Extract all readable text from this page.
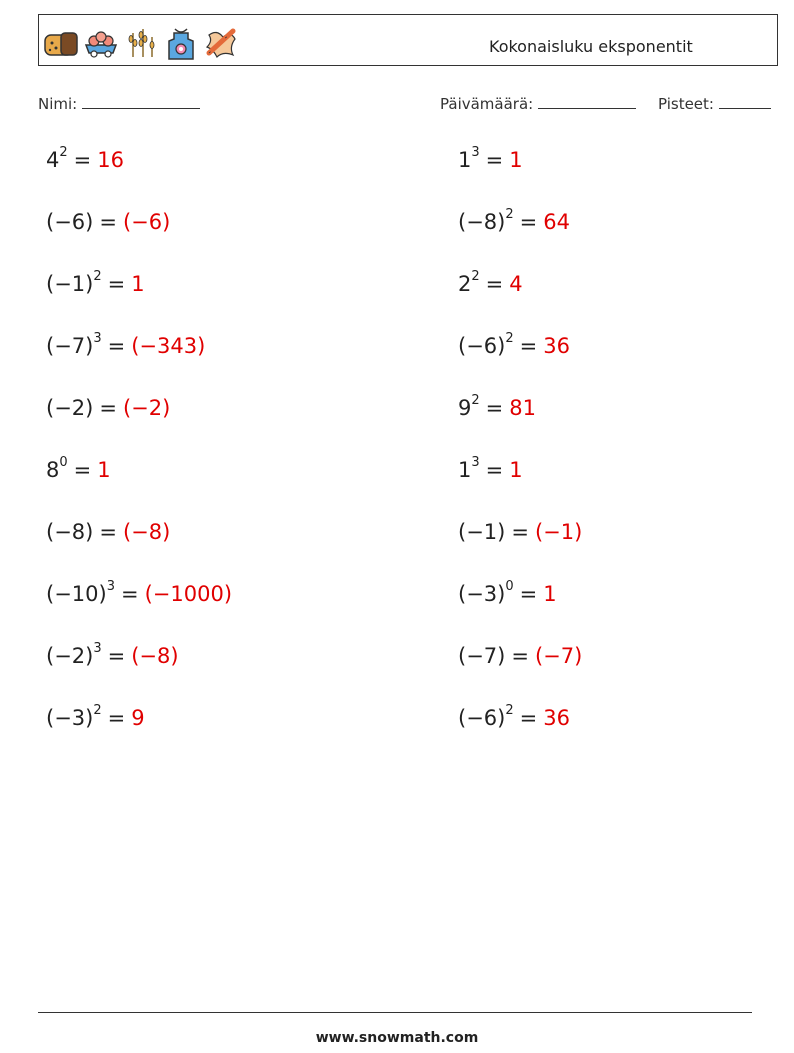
Kokonaisluku eksponentit
Nimi:	Päivämäärä:	Pisteet:
$4^2 = 16$
(−6) = (−6)
$(-1)^2 = 1$
$(-7)^3 = (-343)$
(−2) = (−2)
$8^0 = 1$
(−8) = (−8)
$(-10)^3 = (-1000)$
$(-2)^3 = (-8)$
$(-3)^2 = 9$
$1^3 = 1$
$(-8)^2 = 64$
$2^2 = 4$
$(-6)^2 = 36$
$9^2 = 81$
$1^3 = 1$
(−1) = (−1)
$(-3)^0 = 1$
(−7) = (−7)
$(-6)^2 = 36$
www.snowmath.com
